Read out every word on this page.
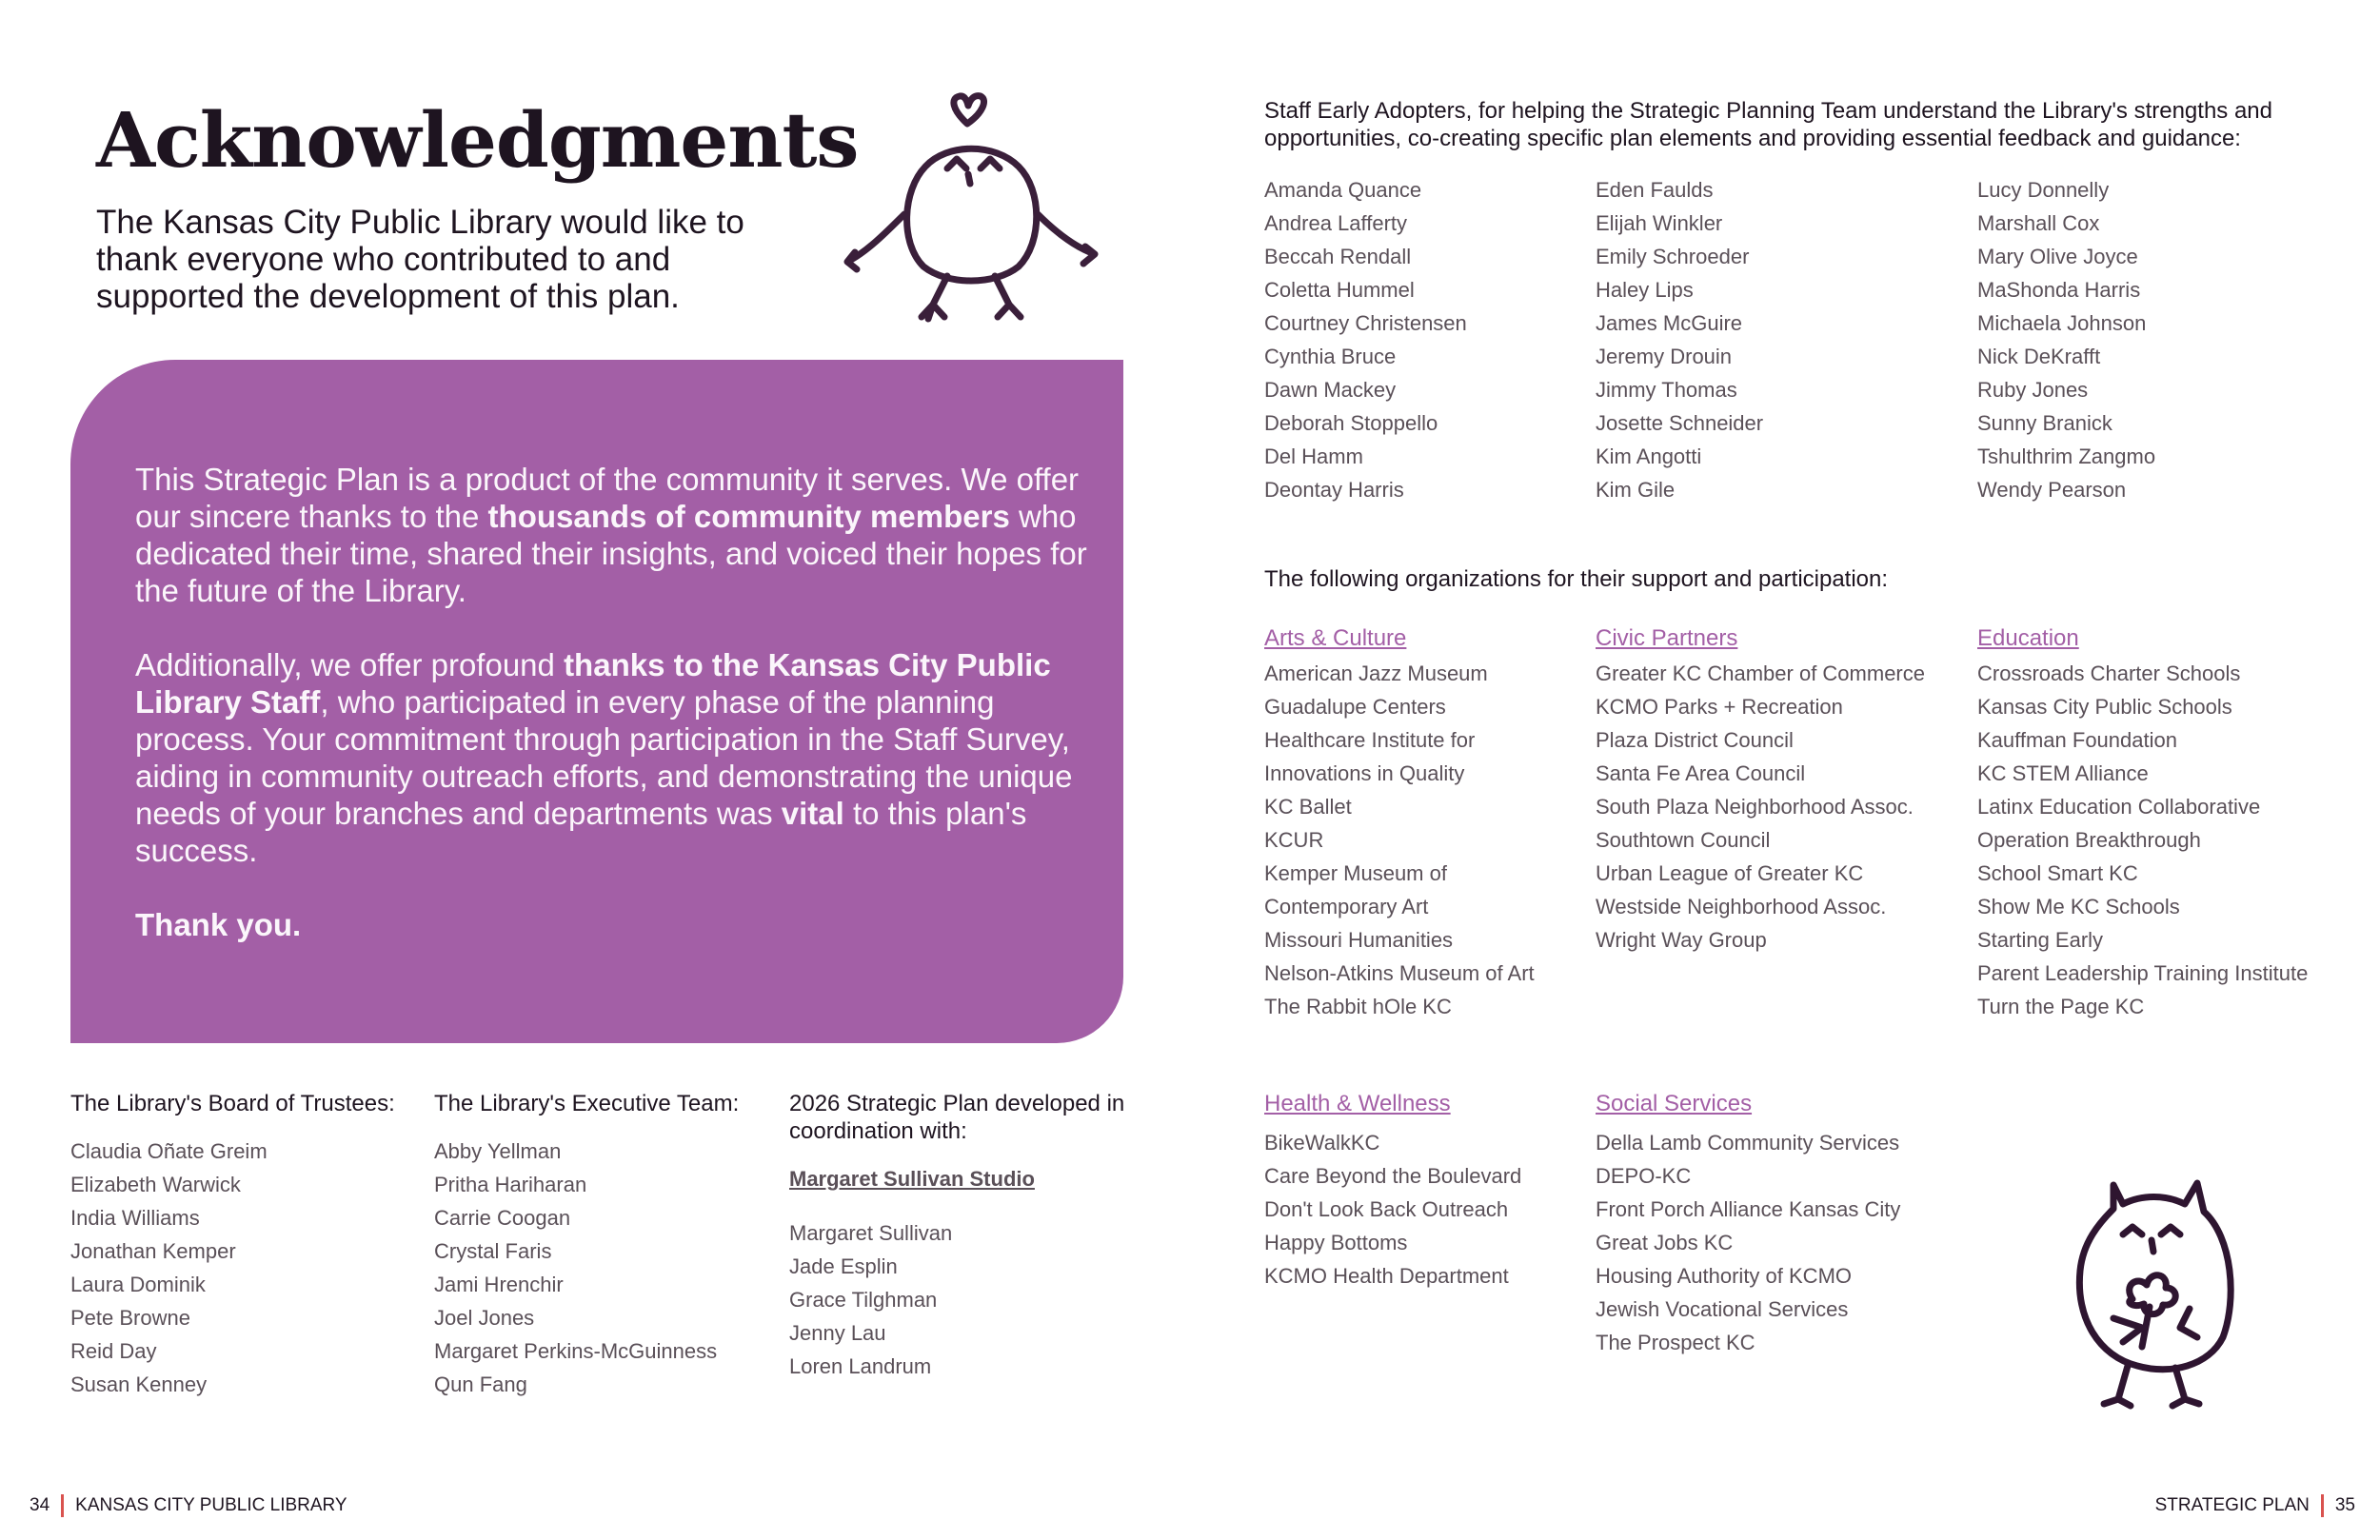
Acknowledgments
The Kansas City Public Library would like to thank everyone who contributed to and supported the development of this plan.

This Strategic Plan is a product of the community it serves. We offer our sincere thanks to the thousands of community members who dedicated their time, shared their insights, and voiced their hopes for the future of the Library.

Additionally, we offer profound thanks to the Kansas City Public Library Staff, who participated in every phase of the planning process. Your commitment through participation in the Staff Survey, aiding in community outreach efforts, and demonstrating the unique needs of your branches and departments was vital to this plan's success.

Thank you.

The Library's Board of Trustees:
Claudia Oñate Greim
Elizabeth Warwick
India Williams
Jonathan Kemper
Laura Dominik
Pete Browne
Reid Day
Susan Kenney
The Library's Executive Team:
Abby Yellman
Pritha Hariharan
Carrie Coogan
Crystal Faris
Jami Hrenchir
Joel Jones
Margaret Perkins-McGuinness
Qun Fang
2026 Strategic Plan developed in coordination with:
Margaret Sullivan Studio
Margaret Sullivan
Jade Esplin
Grace Tilghman
Jenny Lau
Loren Landrum
Staff Early Adopters, for helping the Strategic Planning Team understand the Library's strengths and opportunities, co-creating specific plan elements and providing essential feedback and guidance:
Amanda Quance
Andrea Lafferty
Beccah Rendall
Coletta Hummel
Courtney Christensen
Cynthia Bruce
Dawn Mackey
Deborah Stoppello
Del Hamm
Deontay Harris
Eden Faulds
Elijah Winkler
Emily Schroeder
Haley Lips
James McGuire
Jeremy Drouin
Jimmy Thomas
Josette Schneider
Kim Angotti
Kim Gile
Lucy Donnelly
Marshall Cox
Mary Olive Joyce
MaShonda Harris
Michaela Johnson
Nick DeKrafft
Ruby Jones
Sunny Branick
Tshulthrim Zangmo
Wendy Pearson
The following organizations for their support and participation:
Arts & Culture
American Jazz Museum
Guadalupe Centers
Healthcare Institute for
Innovations in Quality
KC Ballet
KCUR
Kemper Museum of
Contemporary Art
Missouri Humanities
Nelson-Atkins Museum of Art
The Rabbit hOle KC
Civic Partners
Greater KC Chamber of Commerce
KCMO Parks + Recreation
Plaza District Council
Santa Fe Area Council
South Plaza Neighborhood Assoc.
Southtown Council
Urban League of Greater KC
Westside Neighborhood Assoc.
Wright Way Group
Education
Crossroads Charter Schools
Kansas City Public Schools
Kauffman Foundation
KC STEM Alliance
Latinx Education Collaborative
Operation Breakthrough
School Smart KC
Show Me KC Schools
Starting Early
Parent Leadership Training Institute
Turn the Page KC
Health & Wellness
BikeWalkKC
Care Beyond the Boulevard
Don't Look Back Outreach
Happy Bottoms
KCMO Health Department
Social Services
Della Lamb Community Services
DEPO-KC
Front Porch Alliance Kansas City
Great Jobs KC
Housing Authority of KCMO
Jewish Vocational Services
The Prospect KC
34 KANSAS CITY PUBLIC LIBRARY	STRATEGIC PLAN 35
